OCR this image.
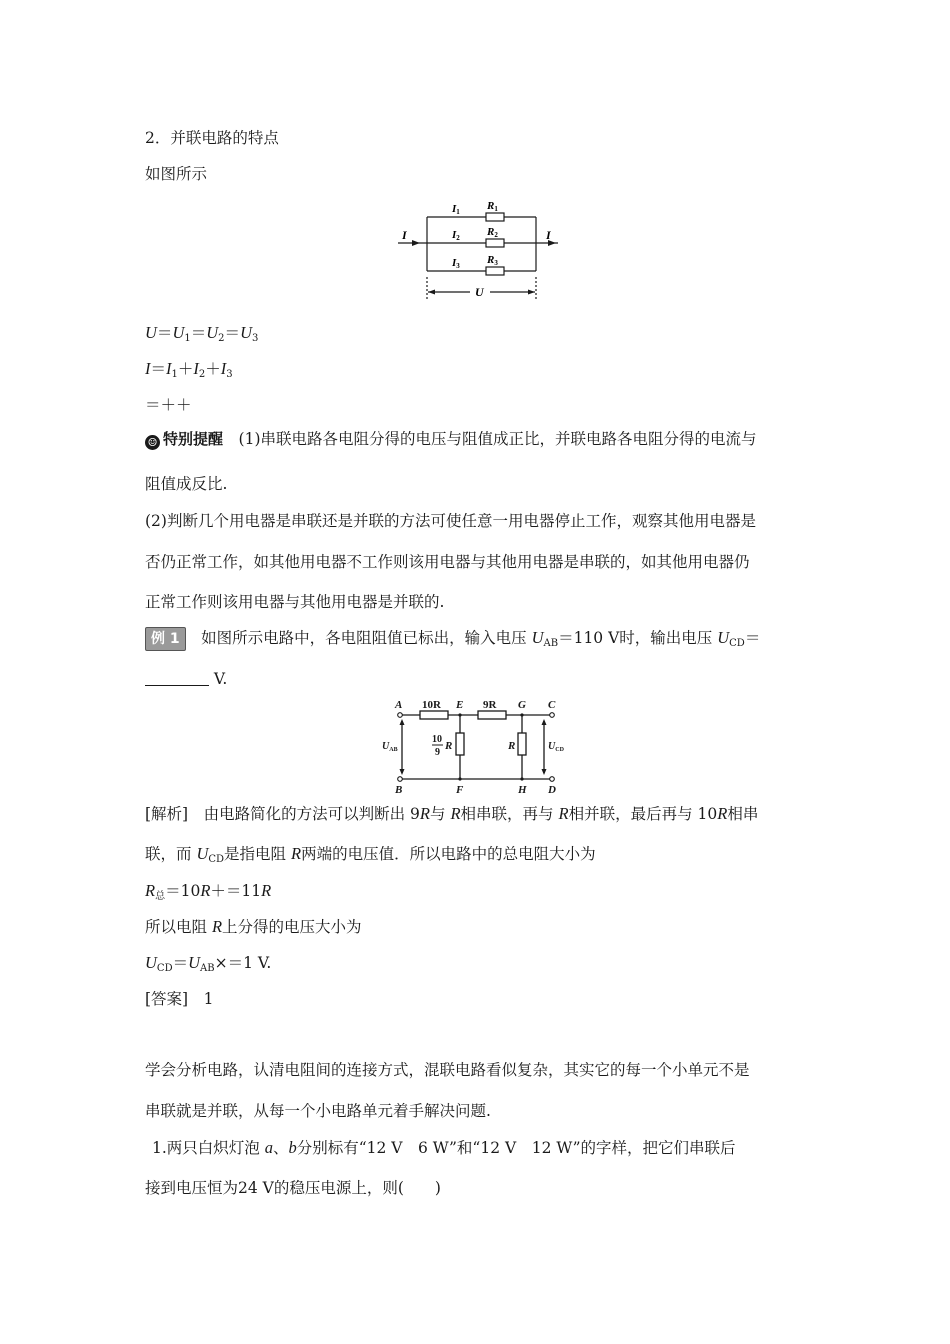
2．并联电路的特点
如图所示
I	I
I1 R1
I2 R2
I3 R3
U
$U=U_1=U_2=U_3$
$I=I_1+I_2+I_3$
＝＋＋
☺ 特别提醒　 (1)串联电路各电阻分得的电压与阻值成正比，并联电路各电阻分得的电流与
阻值成反比.
(2)判断几个用电器是串联还是并联的方法可使任意一用电器停止工作，观察其他用电器是
否仍正常工作，如其他用电器不工作则该用电器与其他用电器是串联的，如其他用电器仍
正常工作则该用电器与其他用电器是并联的.
例 1　 如图所示电路中，各电阻阻值已标出，输入电压 $U_{AB}=110$ V时，输出电压 $U_{CD}=$
V.
A	E	G C
B	F	H D
10R	9R
R
10
9
R
$U_{AB}$	$U_{CD}$
[解析]　 由电路简化的方法可以判断出 9R与 R相串联，再与 R相并联，最后再与 10R相串
联，而 $U_{CD}$是指电阻 R两端的电压值．所以电路中的总电阻大小为
$R_总=10R+=11R$
所以电阻 R上分得的电压大小为
$U_{CD}=U_{AB}\times=1$ V.
[答案]　 1
学会分析电路，认清电阻间的连接方式，混联电路看似复杂，其实它的每一个小单元不是
串联就是并联，从每一个小电路单元着手解决问题.
1.两只白炽灯泡 a、b分别标有“12 V　6 W”和“12 V　12 W”的字样，把它们串联后
接到电压恒为24 V的稳压电源上，则(　　)
